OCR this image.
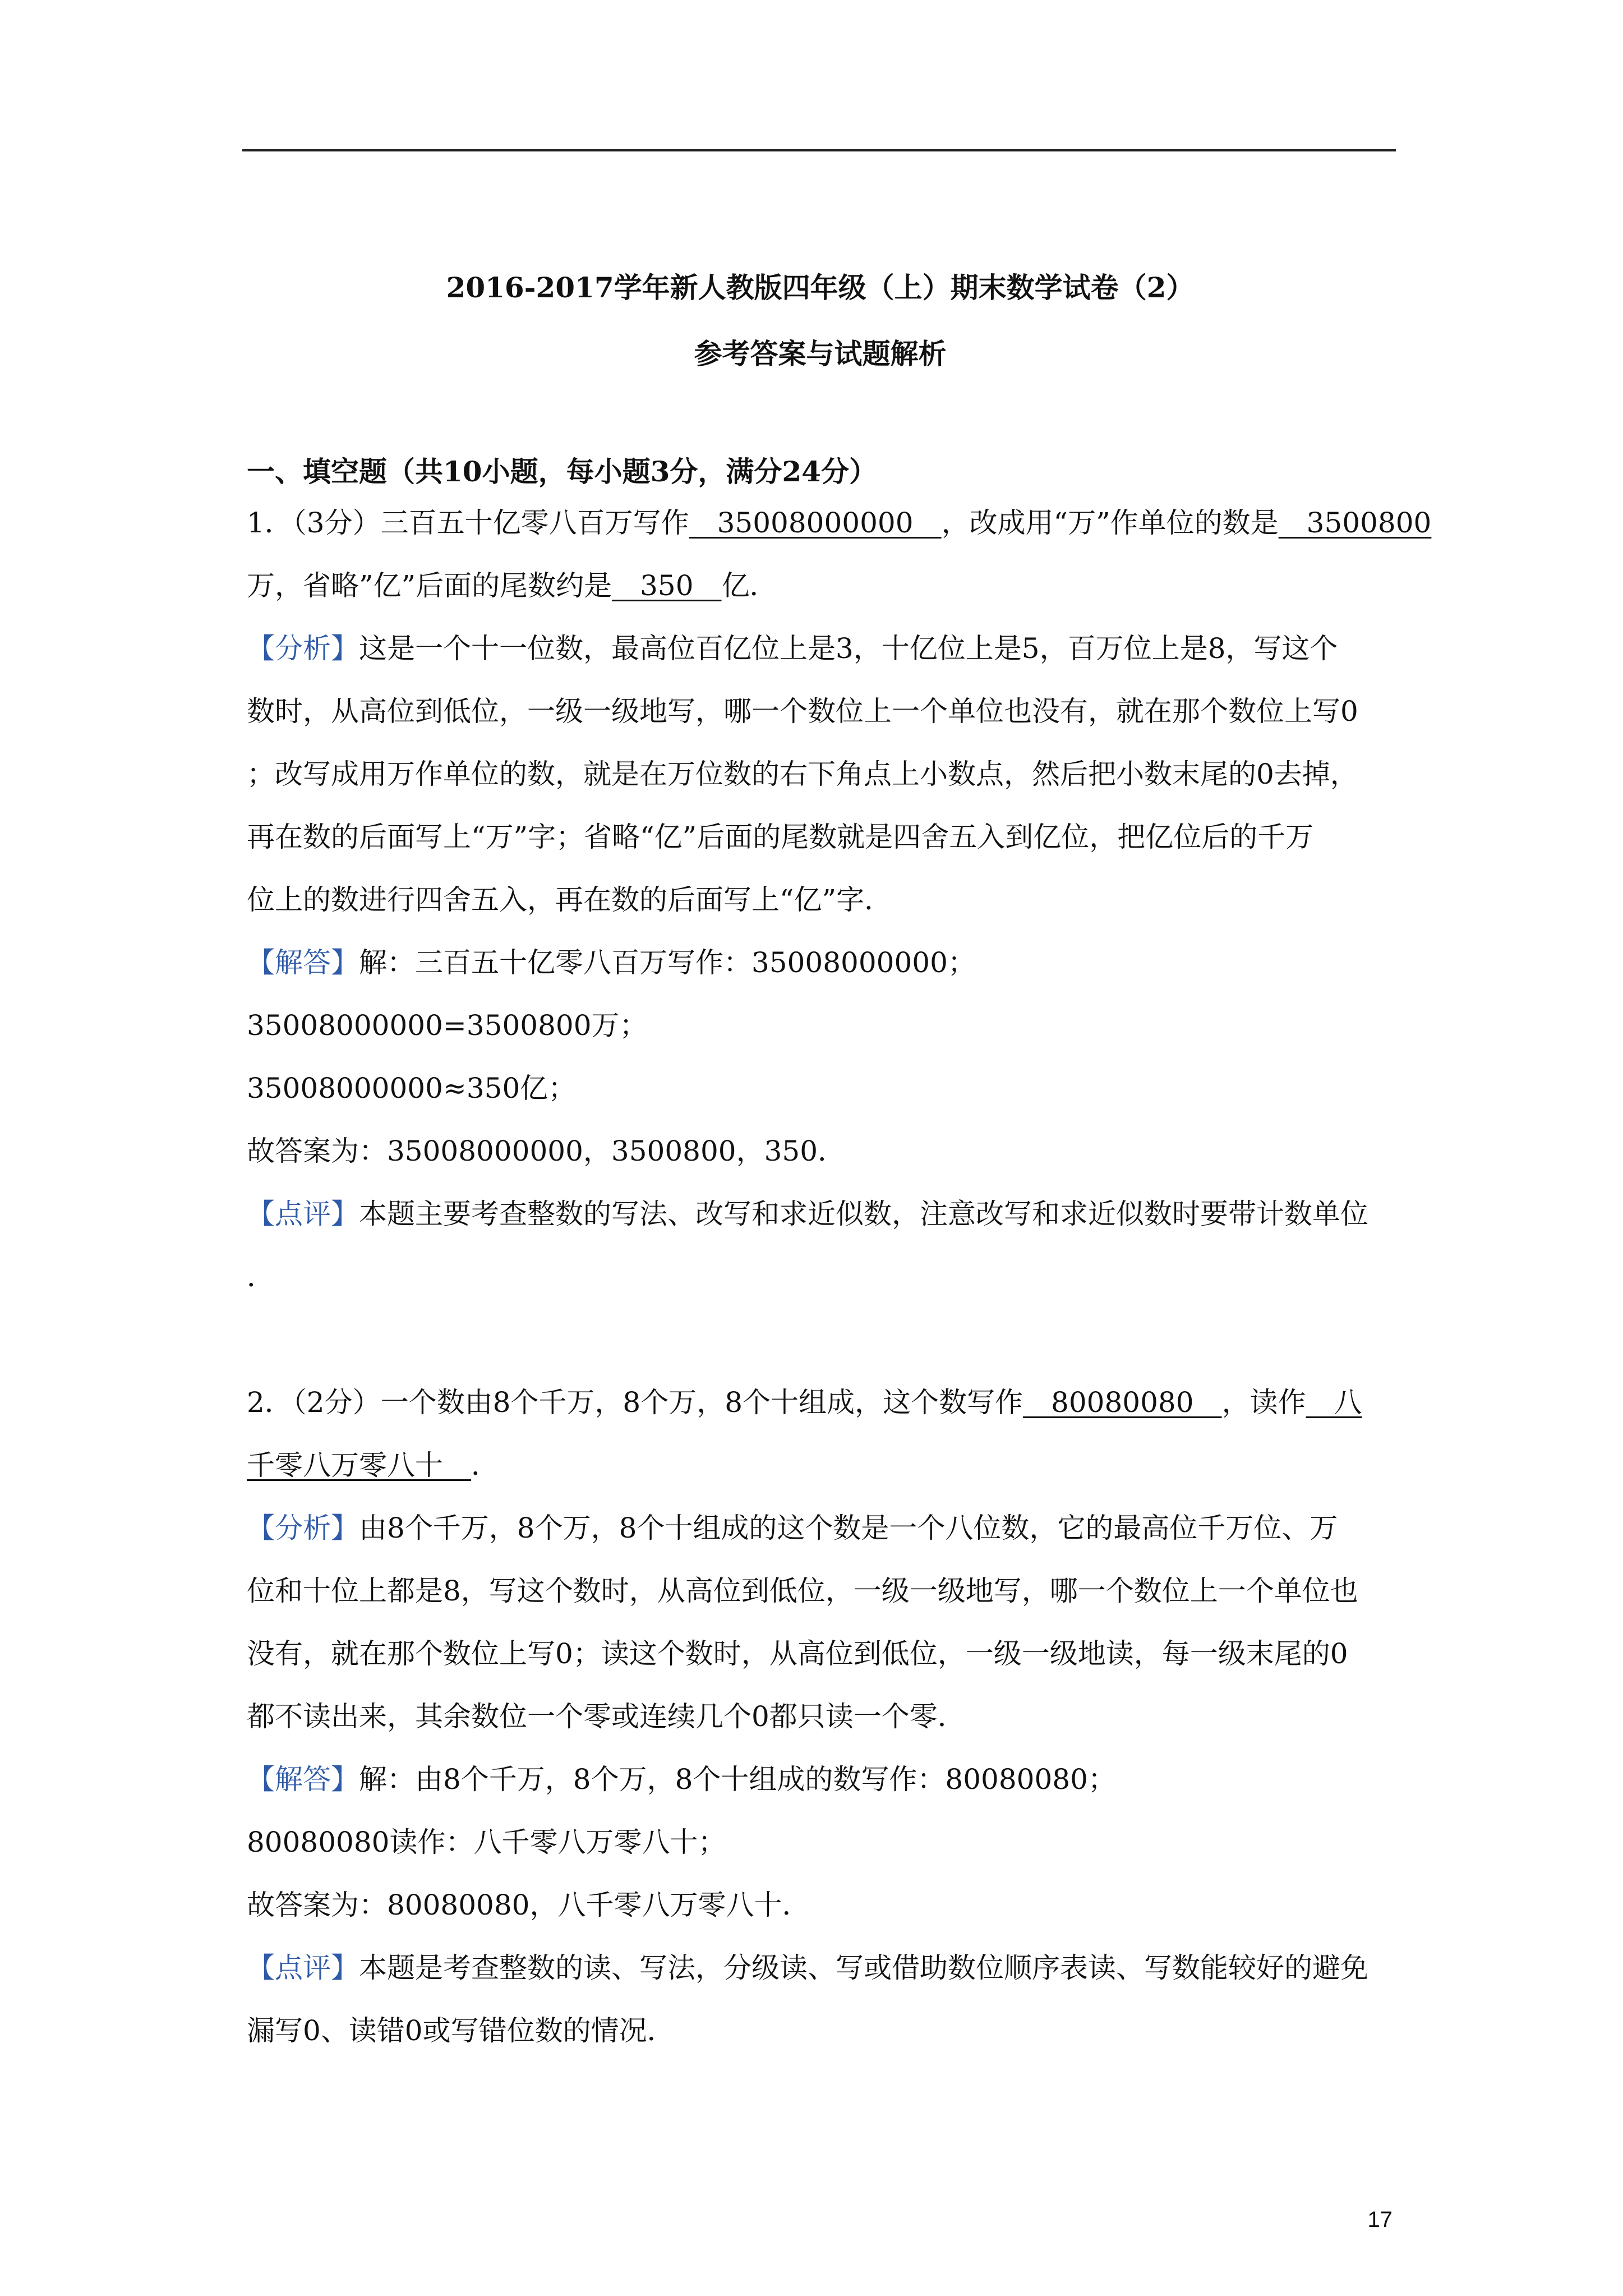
2016-2017学年新人教版四年级（上）期末数学试卷（2）
参考答案与试题解析
一、填空题（共10小题，每小题3分，满分24分）
1．（3分）三百五十亿零八百万写作　35008000000　，改成用“万”作单位的数是　3500800
万，省略”亿”后面的尾数约是　350　亿．
【分析】这是一个十一位数，最高位百亿位上是3，十亿位上是5，百万位上是8，写这个
数时，从高位到低位，一级一级地写，哪一个数位上一个单位也没有，就在那个数位上写0
；改写成用万作单位的数，就是在万位数的右下角点上小数点，然后把小数末尾的0去掉，
再在数的后面写上“万”字；省略“亿”后面的尾数就是四舍五入到亿位，把亿位后的千万
位上的数进行四舍五入，再在数的后面写上“亿”字．
【解答】解：三百五十亿零八百万写作：35008000000；
35008000000=3500800万；
35008000000≈350亿；
故答案为：35008000000，3500800，350．
【点评】本题主要考查整数的写法、改写和求近似数，注意改写和求近似数时要带计数单位
．
2．（2分）一个数由8个千万，8个万，8个十组成，这个数写作　80080080　，读作　八
千零八万零八十　．
【分析】由8个千万，8个万，8个十组成的这个数是一个八位数，它的最高位千万位、万
位和十位上都是8，写这个数时，从高位到低位，一级一级地写，哪一个数位上一个单位也
没有，就在那个数位上写0；读这个数时，从高位到低位，一级一级地读，每一级末尾的0
都不读出来，其余数位一个零或连续几个0都只读一个零．
【解答】解：由8个千万，8个万，8个十组成的数写作：80080080；
80080080读作：八千零八万零八十；
故答案为：80080080，八千零八万零八十．
【点评】本题是考查整数的读、写法，分级读、写或借助数位顺序表读、写数能较好的避免
漏写0、读错0或写错位数的情况．
17
